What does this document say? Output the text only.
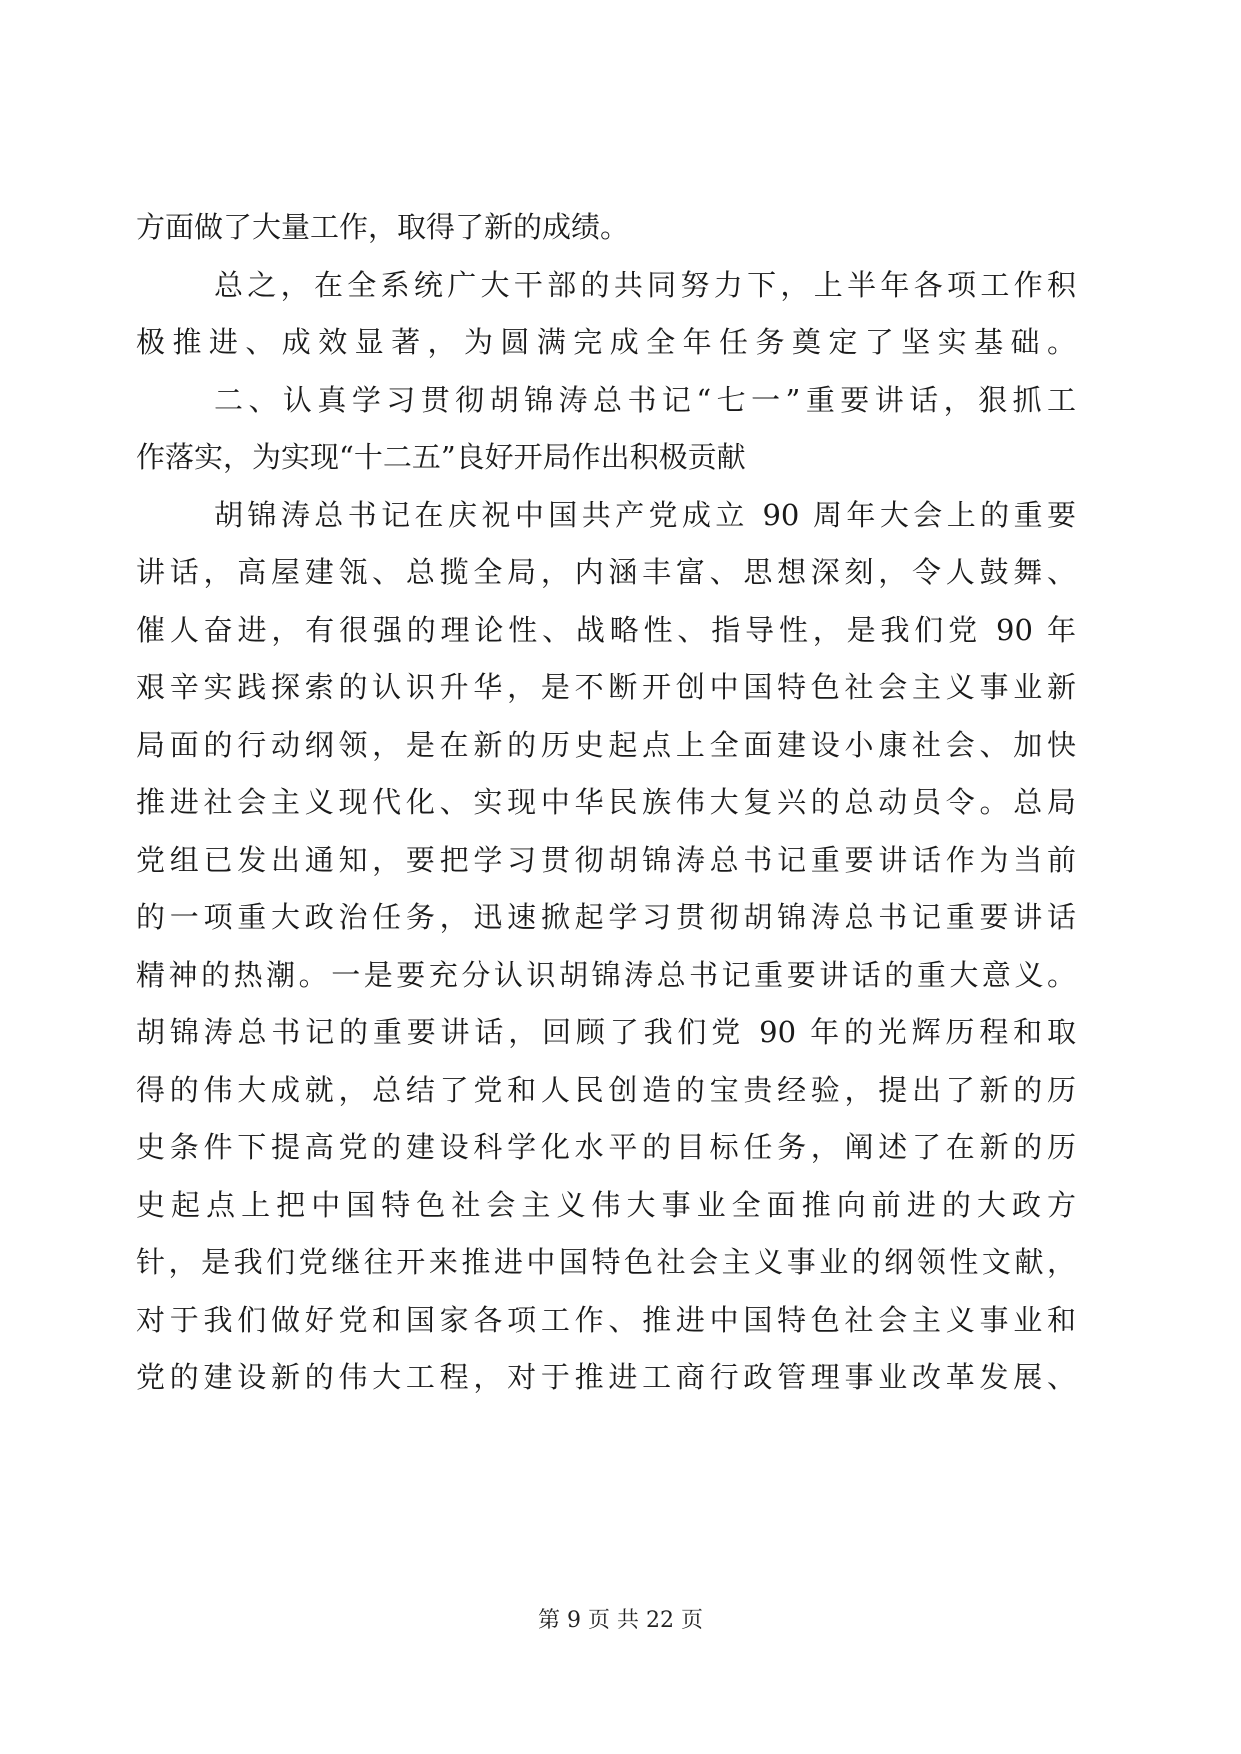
方面做了大量工作，取得了新的成绩。
总之，在全系统广大干部的共同努力下，上半年各项工作积
极推进、成效显著，为圆满完成全年任务奠定了坚实基础。
二、认真学习贯彻胡锦涛总书记“七一”重要讲话，狠抓工
作落实，为实现“十二五”良好开局作出积极贡献
胡锦涛总书记在庆祝中国共产党成立 90 周年大会上的重要
讲话，高屋建瓴、总揽全局，内涵丰富、思想深刻，令人鼓舞、
催人奋进，有很强的理论性、战略性、指导性，是我们党 90 年
艰辛实践探索的认识升华，是不断开创中国特色社会主义事业新
局面的行动纲领，是在新的历史起点上全面建设小康社会、加快
推进社会主义现代化、实现中华民族伟大复兴的总动员令。总局
党组已发出通知，要把学习贯彻胡锦涛总书记重要讲话作为当前
的一项重大政治任务，迅速掀起学习贯彻胡锦涛总书记重要讲话
精神的热潮。一是要充分认识胡锦涛总书记重要讲话的重大意义。
胡锦涛总书记的重要讲话，回顾了我们党 90 年的光辉历程和取
得的伟大成就，总结了党和人民创造的宝贵经验，提出了新的历
史条件下提高党的建设科学化水平的目标任务，阐述了在新的历
史起点上把中国特色社会主义伟大事业全面推向前进的大政方
针，是我们党继往开来推进中国特色社会主义事业的纲领性文献，
对于我们做好党和国家各项工作、推进中国特色社会主义事业和
党的建设新的伟大工程，对于推进工商行政管理事业改革发展、
第 9 页 共 22 页
